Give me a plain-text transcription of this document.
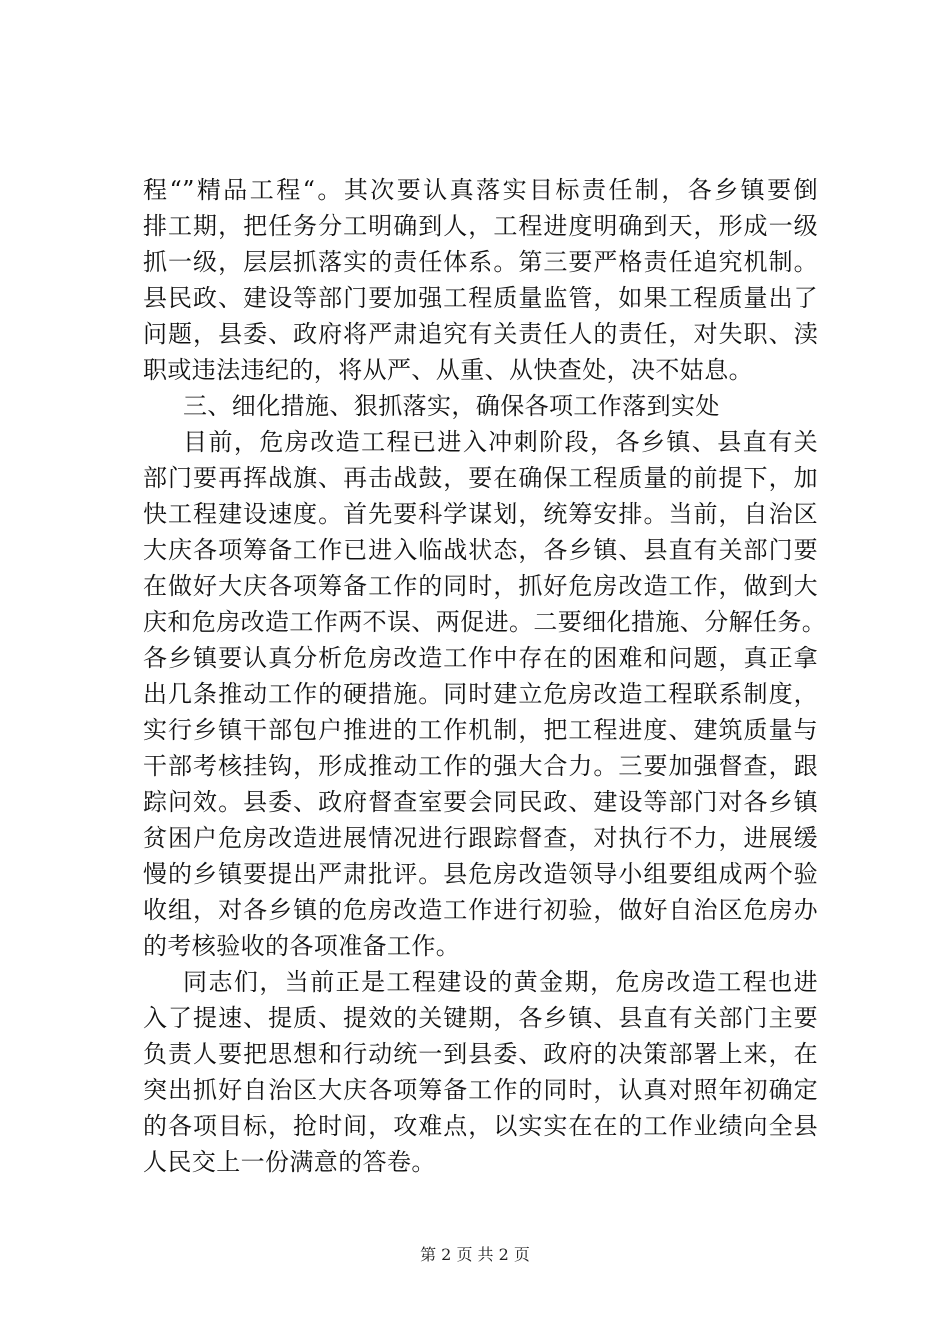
程“”精品工程“。其次要认真落实目标责任制，各乡镇要倒
排工期，把任务分工明确到人，工程进度明确到天，形成一级
抓一级，层层抓落实的责任体系。第三要严格责任追究机制。
县民政、建设等部门要加强工程质量监管，如果工程质量出了
问题，县委、政府将严肃追究有关责任人的责任，对失职、渎
职或违法违纪的，将从严、从重、从快查处，决不姑息。
三、细化措施、狠抓落实，确保各项工作落到实处
目前，危房改造工程已进入冲刺阶段，各乡镇、县直有关
部门要再挥战旗、再击战鼓，要在确保工程质量的前提下，加
快工程建设速度。首先要科学谋划，统筹安排。当前，自治区
大庆各项筹备工作已进入临战状态，各乡镇、县直有关部门要
在做好大庆各项筹备工作的同时，抓好危房改造工作，做到大
庆和危房改造工作两不误、两促进。二要细化措施、分解任务。
各乡镇要认真分析危房改造工作中存在的困难和问题，真正拿
出几条推动工作的硬措施。同时建立危房改造工程联系制度，
实行乡镇干部包户推进的工作机制，把工程进度、建筑质量与
干部考核挂钩，形成推动工作的强大合力。三要加强督查，跟
踪问效。县委、政府督查室要会同民政、建设等部门对各乡镇
贫困户危房改造进展情况进行跟踪督查，对执行不力，进展缓
慢的乡镇要提出严肃批评。县危房改造领导小组要组成两个验
收组，对各乡镇的危房改造工作进行初验，做好自治区危房办
的考核验收的各项准备工作。
同志们，当前正是工程建设的黄金期，危房改造工程也进
入了提速、提质、提效的关键期，各乡镇、县直有关部门主要
负责人要把思想和行动统一到县委、政府的决策部署上来，在
突出抓好自治区大庆各项筹备工作的同时，认真对照年初确定
的各项目标，抢时间，攻难点，以实实在在的工作业绩向全县
人民交上一份满意的答卷。
第 2 页 共 2 页
